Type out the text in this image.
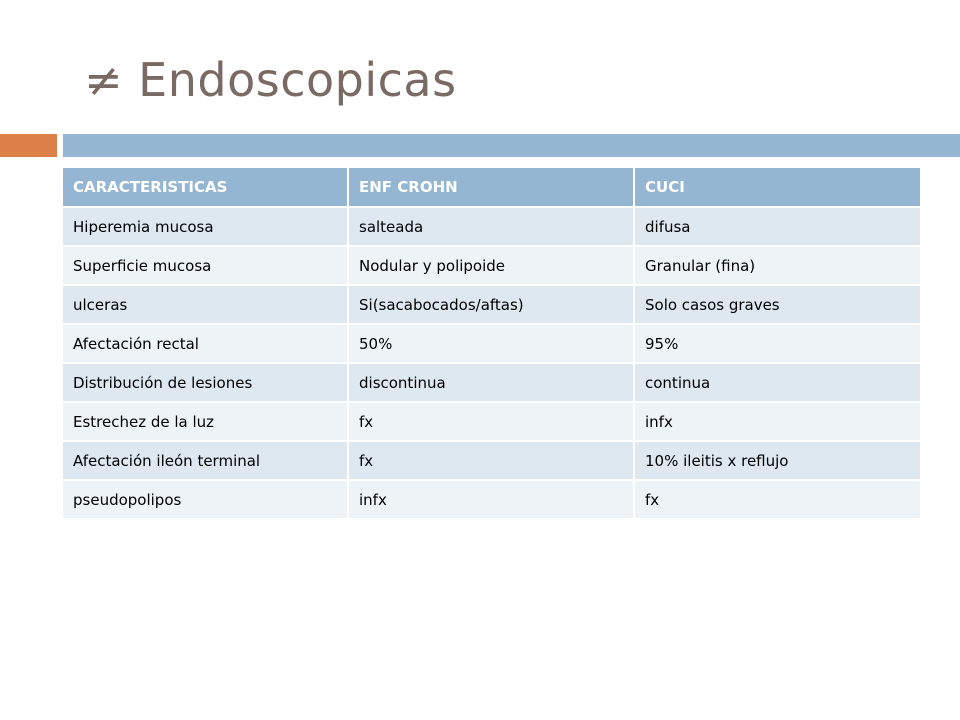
≠ Endoscopicas
CARACTERISTICAS	ENF CROHN	CUCI
Hiperemia mucosa	salteada	difusa
Superficie mucosa	Nodular y polipoide	Granular (fina)
ulceras	Si(sacabocados/aftas)	Solo casos graves
Afectación rectal	50%	95%
Distribución de lesiones	discontinua	continua
Estrechez de la luz	fx	infx
Afectación ileón terminal	fx	10% ileitis x reflujo
pseudopolipos	infx	fx
